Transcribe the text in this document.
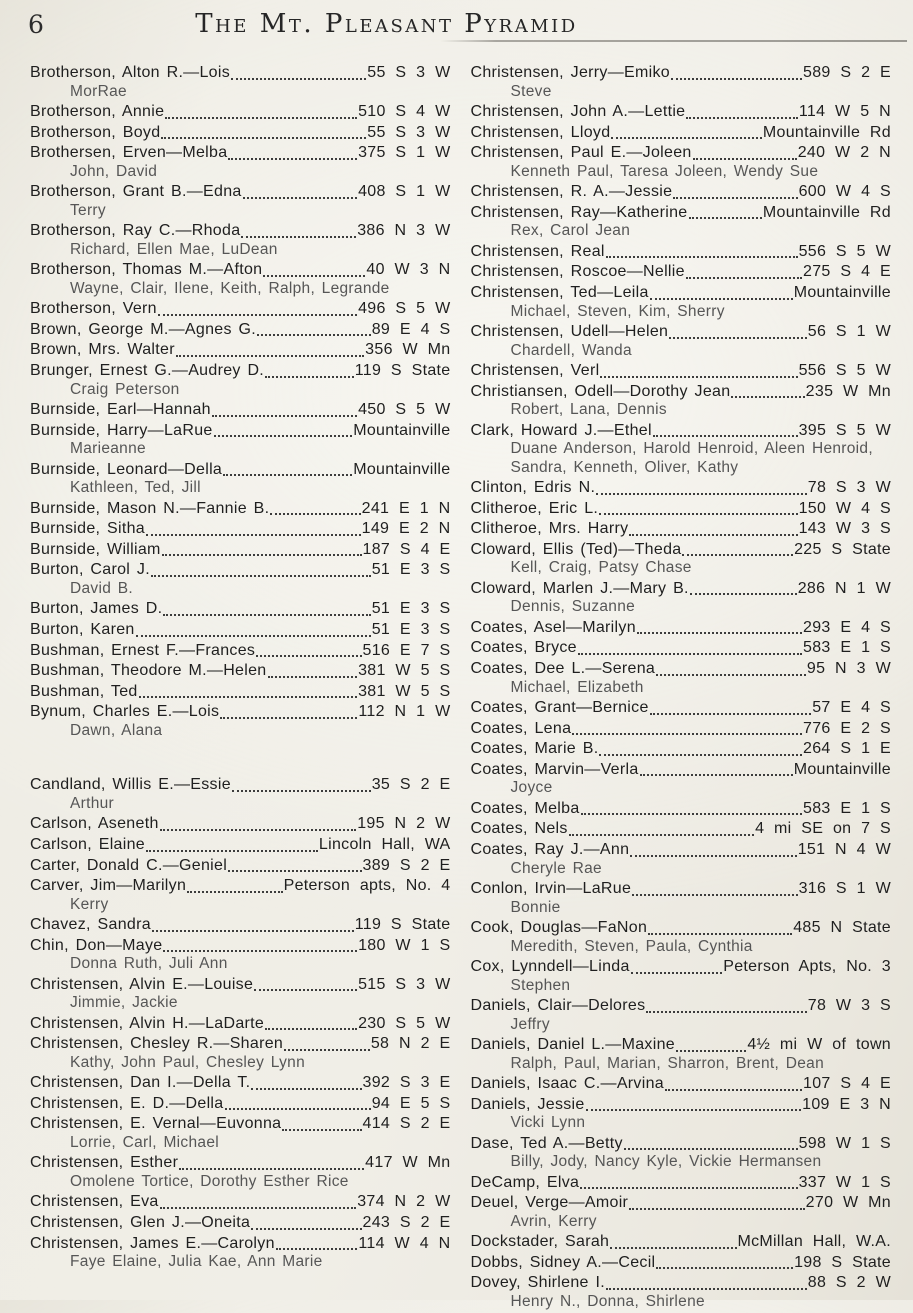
6	The Mt. Pleasant Pyramid
Brotherson, Alton R.—Lois	55 S 3 W
MorRae
Brotherson, Annie	510 S 4 W
Brotherson, Boyd	55 S 3 W
Brothersen, Erven—Melba	375 S 1 W
John, David
Brotherson, Grant B.—Edna	408 S 1 W
Terry
Brotherson, Ray C.—Rhoda	386 N 3 W
Richard, Ellen Mae, LuDean
Brotherson, Thomas M.—Afton	40 W 3 N
Wayne, Clair, Ilene, Keith, Ralph, Legrande
Brotherson, Vern	496 S 5 W
Brown, George M.—Agnes G.	89 E 4 S
Brown, Mrs. Walter	356 W Mn
Brunger, Ernest G.—Audrey D.	119 S State
Craig Peterson
Burnside, Earl—Hannah	450 S 5 W
Burnside, Harry—LaRue	Mountainville
Marieanne
Burnside, Leonard—Della	Mountainville
Kathleen, Ted, Jill
Burnside, Mason N.—Fannie B.	241 E 1 N
Burnside, Sitha	149 E 2 N
Burnside, William	187 S 4 E
Burton, Carol J.	51 E 3 S
David B.
Burton, James D.	51 E 3 S
Burton, Karen	51 E 3 S
Bushman, Ernest F.—Frances	516 E 7 S
Bushman, Theodore M.—Helen	381 W 5 S
Bushman, Ted	381 W 5 S
Bynum, Charles E.—Lois	112 N 1 W
Dawn, Alana
Candland, Willis E.—Essie	35 S 2 E
Arthur
Carlson, Aseneth	195 N 2 W
Carlson, Elaine	Lincoln Hall, WA
Carter, Donald C.—Geniel	389 S 2 E
Carver, Jim—Marilyn	Peterson apts, No. 4
Kerry
Chavez, Sandra	119 S State
Chin, Don—Maye	180 W 1 S
Donna Ruth, Juli Ann
Christensen, Alvin E.—Louise	515 S 3 W
Jimmie, Jackie
Christensen, Alvin H.—LaDarte	230 S 5 W
Christensen, Chesley R.—Sharen	58 N 2 E
Kathy, John Paul, Chesley Lynn
Christensen, Dan I.—Della T.	392 S 3 E
Christensen, E. D.—Della	94 E 5 S
Christensen, E. Vernal—Euvonna	414 S 2 E
Lorrie, Carl, Michael
Christensen, Esther	417 W Mn
Omolene Tortice, Dorothy Esther Rice
Christensen, Eva	374 N 2 W
Christensen, Glen J.—Oneita	243 S 2 E
Christensen, James E.—Carolyn	114 W 4 N
Faye Elaine, Julia Kae, Ann Marie
Christensen, Jerry—Emiko	589 S 2 E
Steve
Christensen, John A.—Lettie	114 W 5 N
Christensen, Lloyd	Mountainville Rd
Christensen, Paul E.—Joleen	240 W 2 N
Kenneth Paul, Taresa Joleen, Wendy Sue
Christensen, R. A.—Jessie	600 W 4 S
Christensen, Ray—Katherine	Mountainville Rd
Rex, Carol Jean
Christensen, Real	556 S 5 W
Christensen, Roscoe—Nellie	275 S 4 E
Christensen, Ted—Leila	Mountainville
Michael, Steven, Kim, Sherry
Christensen, Udell—Helen	56 S 1 W
Chardell, Wanda
Christensen, Verl	556 S 5 W
Christiansen, Odell—Dorothy Jean	235 W Mn
Robert, Lana, Dennis
Clark, Howard J.—Ethel	395 S 5 W
Duane Anderson, Harold Henroid, Aleen Henroid, Sandra, Kenneth, Oliver, Kathy
Clinton, Edris N.	78 S 3 W
Clitheroe, Eric L.	150 W 4 S
Clitheroe, Mrs. Harry	143 W 3 S
Cloward, Ellis (Ted)—Theda	225 S State
Kell, Craig, Patsy Chase
Cloward, Marlen J.—Mary B.	286 N 1 W
Dennis, Suzanne
Coates, Asel—Marilyn	293 E 4 S
Coates, Bryce	583 E 1 S
Coates, Dee L.—Serena	95 N 3 W
Michael, Elizabeth
Coates, Grant—Bernice	57 E 4 S
Coates, Lena	776 E 2 S
Coates, Marie B.	264 S 1 E
Coates, Marvin—Verla	Mountainville
Joyce
Coates, Melba	583 E 1 S
Coates, Nels	4 mi SE on 7 S
Coates, Ray J.—Ann	151 N 4 W
Cheryle Rae
Conlon, Irvin—LaRue	316 S 1 W
Bonnie
Cook, Douglas—FaNon	485 N State
Meredith, Steven, Paula, Cynthia
Cox, Lynndell—Linda	Peterson Apts, No. 3
Stephen
Daniels, Clair—Delores	78 W 3 S
Jeffry
Daniels, Daniel L.—Maxine	4½ mi W of town
Ralph, Paul, Marian, Sharron, Brent, Dean
Daniels, Isaac C.—Arvina	107 S 4 E
Daniels, Jessie	109 E 3 N
Vicki Lynn
Dase, Ted A.—Betty	598 W 1 S
Billy, Jody, Nancy Kyle, Vickie Hermansen
DeCamp, Elva	337 W 1 S
Deuel, Verge—Amoir	270 W Mn
Avrin, Kerry
Dockstader, Sarah	McMillan Hall, W.A.
Dobbs, Sidney A.—Cecil	198 S State
Dovey, Shirlene I.	88 S 2 W
Henry N., Donna, Shirlene
